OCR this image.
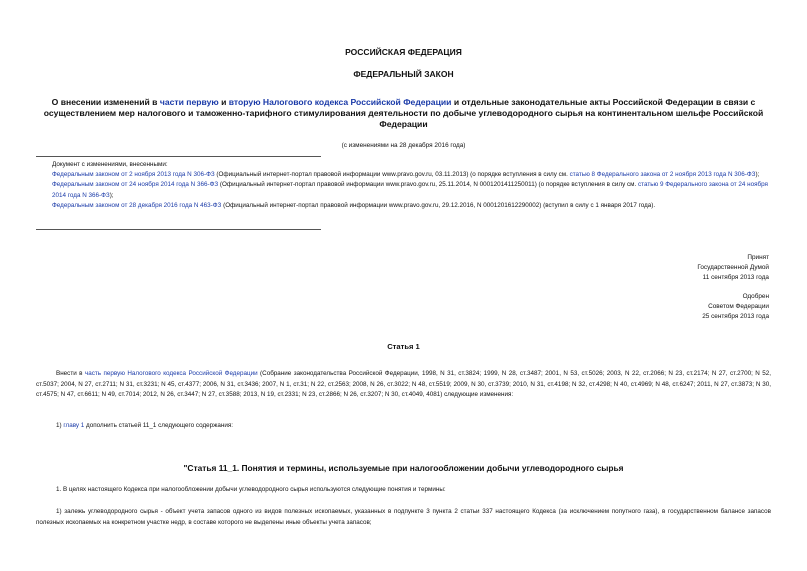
РОССИЙСКАЯ ФЕДЕРАЦИЯ
ФЕДЕРАЛЬНЫЙ ЗАКОН
О внесении изменений в части первую и вторую Налогового кодекса Российской Федерации и отдельные законодательные акты Российской Федерации в связи с осуществлением мер налогового и таможенно-тарифного стимулирования деятельности по добыче углеводородного сырья на континентальном шельфе Российской Федерации
(с изменениями на 28 декабря 2016 года)
Документ с изменениями, внесенными:
Федеральным законом от 2 ноября 2013 года N 306-ФЗ (Официальный интернет-портал правовой информации www.pravo.gov.ru, 03.11.2013) (о порядке вступления в силу см. статью 8 Федерального закона от 2 ноября 2013 года N 306-ФЗ);
Федеральным законом от 24 ноября 2014 года N 366-ФЗ (Официальный интернет-портал правовой информации www.pravo.gov.ru, 25.11.2014, N 0001201411250011) (о порядке вступления в силу см. статью 9 Федерального закона от 24 ноября 2014 года N 366-ФЗ);
Федеральным законом от 28 декабря 2016 года N 463-ФЗ (Официальный интернет-портал правовой информации www.pravo.gov.ru, 29.12.2016, N 0001201612290002) (вступил в силу с 1 января 2017 года).
Принят
Государственной Думой
11 сентября 2013 года
Одобрен
Советом Федерации
25 сентября 2013 года
Статья 1
Внести в часть первую Налогового кодекса Российской Федерации (Собрание законодательства Российской Федерации, 1998, N 31, ст.3824; 1999, N 28, ст.3487; 2001, N 53, ст.5026; 2003, N 22, ст.2066; N 23, ст.2174; N 27, ст.2700; N 52, ст.5037; 2004, N 27, ст.2711; N 31, ст.3231; N 45, ст.4377; 2006, N 31, ст.3436; 2007, N 1, ст.31; N 22, ст.2563; 2008, N 26, ст.3022; N 48, ст.5519; 2009, N 30, ст.3739; 2010, N 31, ст.4198; N 32, ст.4298; N 40, ст.4969; N 48, ст.6247; 2011, N 27, ст.3873; N 30, ст.4575; N 47, ст.6611; N 49, ст.7014; 2012, N 26, ст.3447; N 27, ст.3588; 2013, N 19, ст.2331; N 23, ст.2866; N 26, ст.3207; N 30, ст.4049, 4081) следующие изменения:
1) главу 1 дополнить статьей 11_1 следующего содержания:
"Статья 11_1. Понятия и термины, используемые при налогообложении добычи углеводородного сырья
1. В целях настоящего Кодекса при налогообложении добычи углеводородного сырья используются следующие понятия и термины:
1) залежь углеводородного сырья - объект учета запасов одного из видов полезных ископаемых, указанных в подпункте 3 пункта 2 статьи 337 настоящего Кодекса (за исключением попутного газа), в государственном балансе запасов полезных ископаемых на конкретном участке недр, в составе которого не выделены иные объекты учета запасов;
